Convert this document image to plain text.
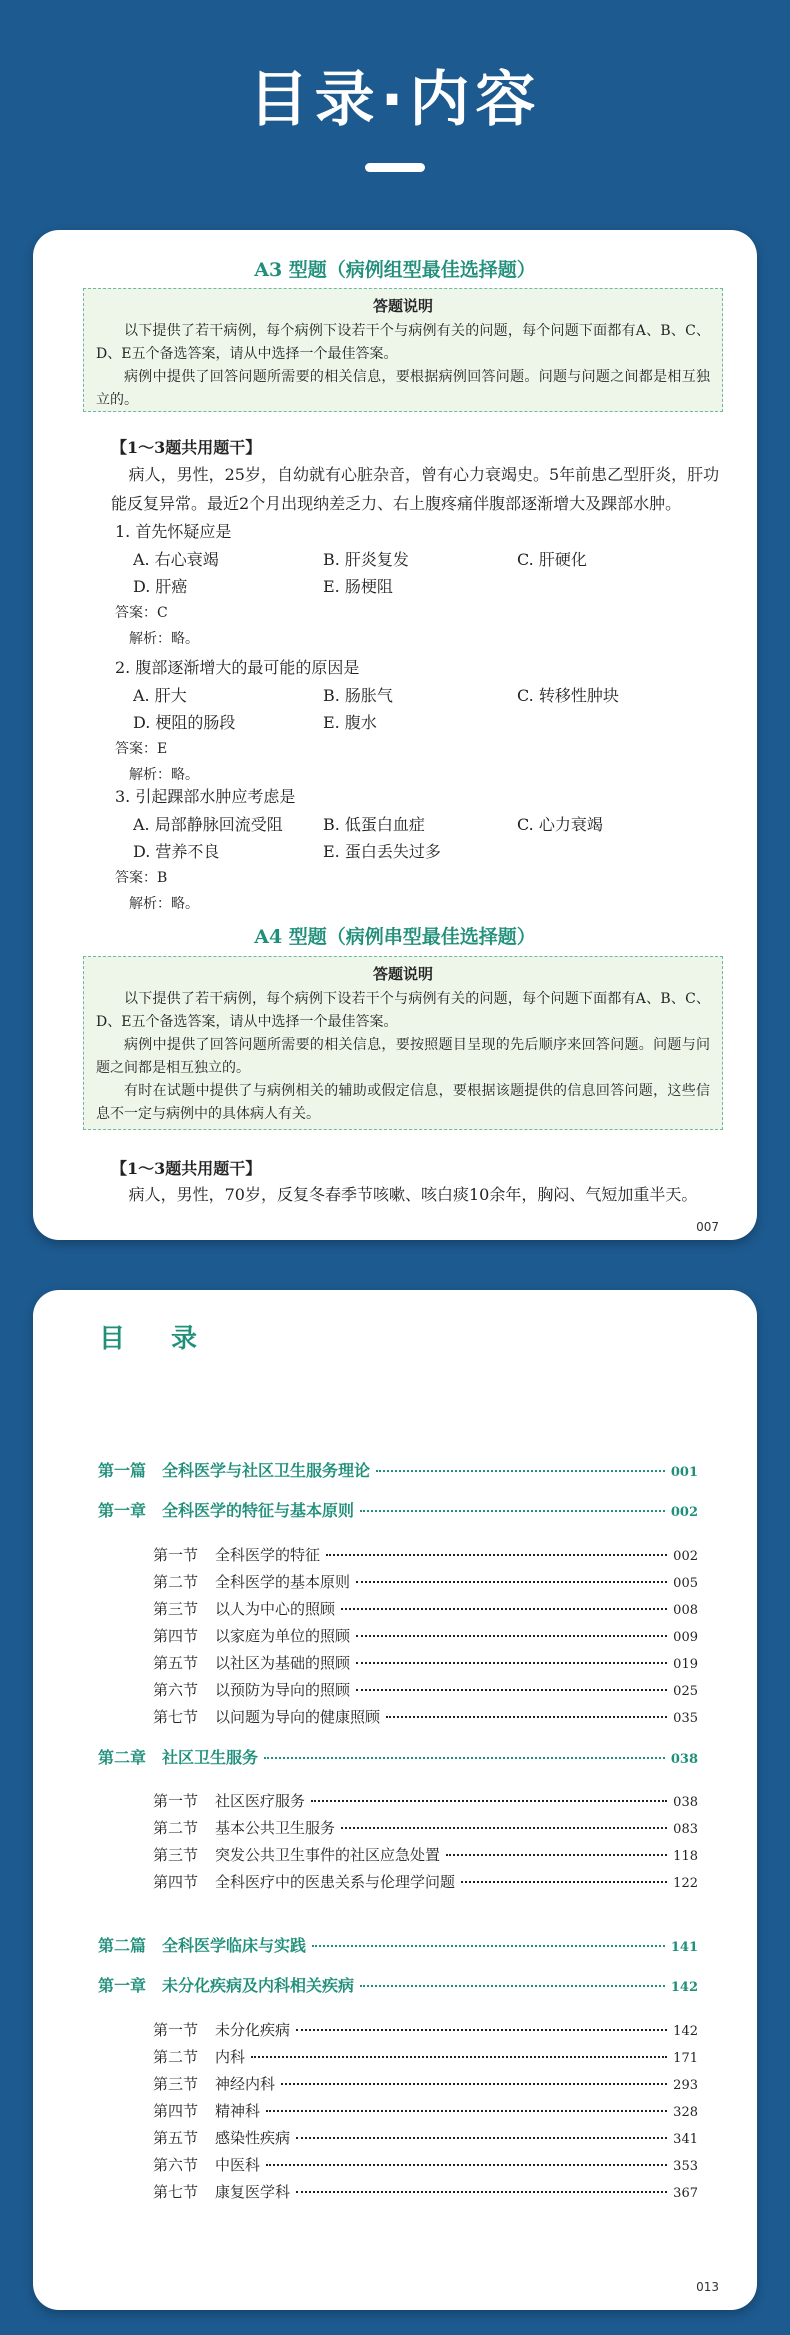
目录·内容
A3 型题（病例组型最佳选择题）
答题说明

以下提供了若干病例，每个病例下设若干个与病例有关的问题，每个问题下面都有A、B、C、D、E五个备选答案，请从中选择一个最佳答案。

病例中提供了回答问题所需要的相关信息，要根据病例回答问题。问题与问题之间都是相互独立的。

【1～3题共用题干】
病人，男性，25岁，自幼就有心脏杂音，曾有心力衰竭史。5年前患乙型肝炎，肝功能反复异常。最近2个月出现纳差乏力、右上腹疼痛伴腹部逐渐增大及踝部水肿。
1. 首先怀疑应是
A. 右心衰竭	B. 肝炎复发	C. 肝硬化
D. 肝癌	E. 肠梗阻
答案：C
解析：略。
2. 腹部逐渐增大的最可能的原因是
A. 肝大	B. 肠胀气	C. 转移性肿块
D. 梗阻的肠段	E. 腹水
答案：E
解析：略。
3. 引起踝部水肿应考虑是
A. 局部静脉回流受阻	B. 低蛋白血症	C. 心力衰竭
D. 营养不良	E. 蛋白丢失过多
答案：B
解析：略。
A4 型题（病例串型最佳选择题）
答题说明

以下提供了若干病例，每个病例下设若干个与病例有关的问题，每个问题下面都有A、B、C、D、E五个备选答案，请从中选择一个最佳答案。

病例中提供了回答问题所需要的相关信息，要按照题目呈现的先后顺序来回答问题。问题与问题之间都是相互独立的。

有时在试题中提供了与病例相关的辅助或假定信息，要根据该题提供的信息回答问题，这些信息不一定与病例中的具体病人有关。

【1～3题共用题干】
病人，男性，70岁，反复冬春季节咳嗽、咳白痰10余年，胸闷、气短加重半天。
007
目　录
第一篇　全科医学与社区卫生服务理论	001
第一章　全科医学的特征与基本原则	002
第一节	全科医学的特征	002
第二节	全科医学的基本原则	005
第三节	以人为中心的照顾	008
第四节	以家庭为单位的照顾	009
第五节	以社区为基础的照顾	019
第六节	以预防为导向的照顾	025
第七节	以问题为导向的健康照顾	035
第二章　社区卫生服务	038
第一节	社区医疗服务	038
第二节	基本公共卫生服务	083
第三节	突发公共卫生事件的社区应急处置	118
第四节	全科医疗中的医患关系与伦理学问题	122
第二篇　全科医学临床与实践	141
第一章　未分化疾病及内科相关疾病	142
第一节	未分化疾病	142
第二节	内科	171
第三节	神经内科	293
第四节	精神科	328
第五节	感染性疾病	341
第六节	中医科	353
第七节	康复医学科	367
013
